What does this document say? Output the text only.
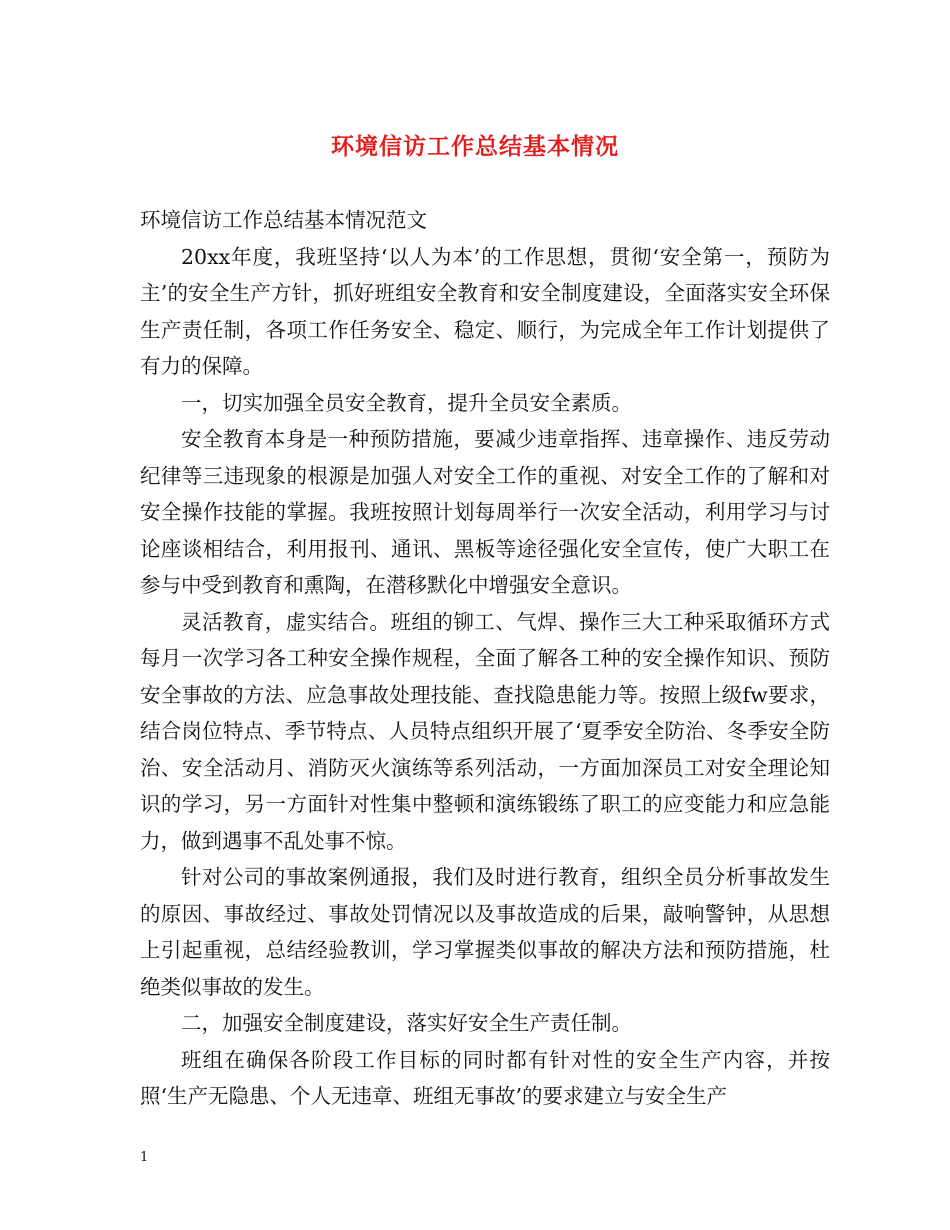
环境信访工作总结基本情况

环境信访工作总结基本情况范文

20xx年度，我班坚持‘以人为本’的工作思想，贯彻‘安全第一，预防为主’的安全生产方针，抓好班组安全教育和安全制度建设，全面落实安全环保生产责任制，各项工作任务安全、稳定、顺行，为完成全年工作计划提供了有力的保障。

一，切实加强全员安全教育，提升全员安全素质。

安全教育本身是一种预防措施，要减少违章指挥、违章操作、违反劳动纪律等三违现象的根源是加强人对安全工作的重视、对安全工作的了解和对安全操作技能的掌握。我班按照计划每周举行一次安全活动，利用学习与讨论座谈相结合，利用报刊、通讯、黑板等途径强化安全宣传，使广大职工在参与中受到教育和熏陶，在潜移默化中增强安全意识。

灵活教育，虚实结合。班组的铆工、气焊、操作三大工种采取循环方式每月一次学习各工种安全操作规程，全面了解各工种的安全操作知识、预防安全事故的方法、应急事故处理技能、查找隐患能力等。按照上级fw要求，结合岗位特点、季节特点、人员特点组织开展了‘夏季安全防治、冬季安全防治、安全活动月、消防灭火演练等系列活动，一方面加深员工对安全理论知识的学习，另一方面针对性集中整顿和演练锻练了职工的应变能力和应急能力，做到遇事不乱处事不惊。

针对公司的事故案例通报，我们及时进行教育，组织全员分析事故发生的原因、事故经过、事故处罚情况以及事故造成的后果，敲响警钟，从思想上引起重视，总结经验教训，学习掌握类似事故的解决方法和预防措施，杜绝类似事故的发生。

二，加强安全制度建设，落实好安全生产责任制。

班组在确保各阶段工作目标的同时都有针对性的安全生产内容，并按照‘生产无隐患、个人无违章、班组无事故’的要求建立与安全生产

1
